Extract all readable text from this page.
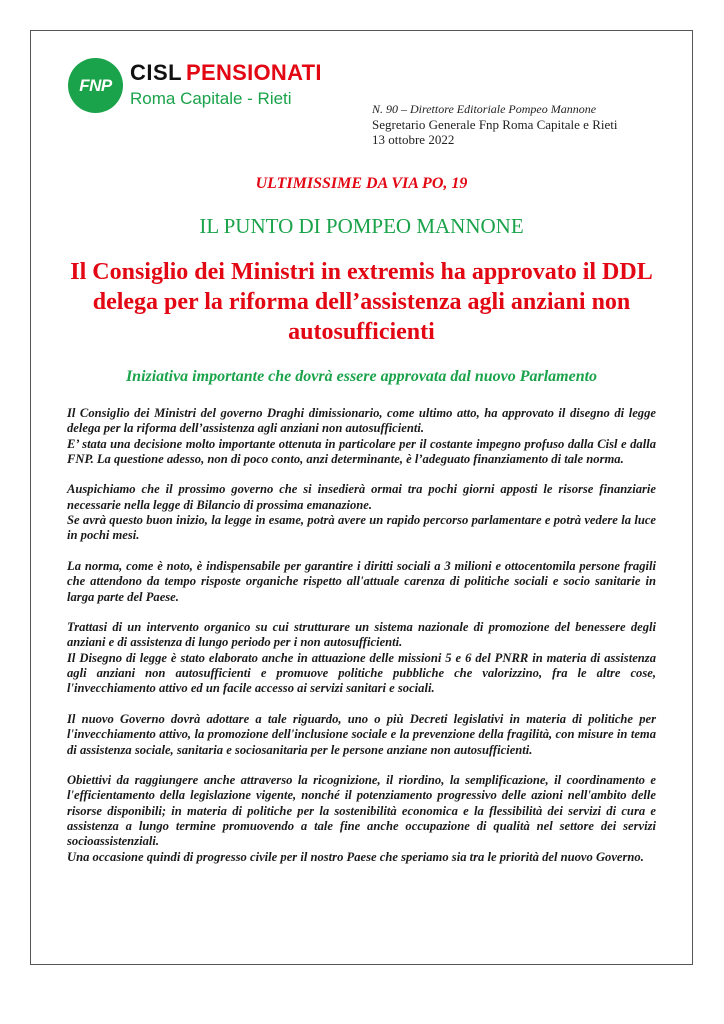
FNP
CISL PENSIONATI
Roma Capitale - Rieti
N. 90 – Direttore Editoriale Pompeo Mannone
Segretario Generale Fnp Roma Capitale e Rieti
13 ottobre 2022
ULTIMISSIME DA VIA PO, 19
IL PUNTO DI POMPEO MANNONE
Il Consiglio dei Ministri in extremis ha approvato il DDL delega per la riforma dell’assistenza agli anziani non autosufficienti
Iniziativa importante che dovrà essere approvata dal nuovo Parlamento

Il Consiglio dei Ministri del governo Draghi dimissionario, come ultimo atto, ha approvato il disegno di legge delega per la riforma dell’assistenza agli anziani non autosufficienti.

E’ stata una decisione molto importante ottenuta in particolare per il costante impegno profuso dalla Cisl e dalla FNP. La questione adesso, non di poco conto, anzi determinante, è l’adeguato finanziamento di tale norma.

Auspichiamo che il prossimo governo che si insedierà ormai tra pochi giorni apposti le risorse finanziarie necessarie nella legge di Bilancio di prossima emanazione.

Se avrà questo buon inizio, la legge in esame, potrà avere un rapido percorso parlamentare e potrà vedere la luce in pochi mesi.

La norma, come è noto, è indispensabile per garantire i diritti sociali a 3 milioni e ottocentomila persone fragili che attendono da tempo risposte organiche rispetto all'attuale carenza di politiche sociali e socio sanitarie in larga parte del Paese.

Trattasi di un intervento organico su cui strutturare un sistema nazionale di promozione del benessere degli anziani e di assistenza di lungo periodo per i non autosufficienti.

Il Disegno di legge è stato elaborato anche in attuazione delle missioni 5 e 6 del PNRR in materia di assistenza agli anziani non autosufficienti e promuove politiche pubbliche che valorizzino, fra le altre cose, l'invecchiamento attivo ed un facile accesso ai servizi sanitari e sociali.

Il nuovo Governo dovrà adottare a tale riguardo, uno o più Decreti legislativi in materia di politiche per l'invecchiamento attivo, la promozione dell'inclusione sociale e la prevenzione della fragilità, con misure in tema di assistenza sociale, sanitaria e sociosanitaria per le persone anziane non autosufficienti.

Obiettivi da raggiungere anche attraverso la ricognizione, il riordino, la semplificazione, il coordinamento e l'efficientamento della legislazione vigente, nonché il potenziamento progressivo delle azioni nell'ambito delle risorse disponibili; in materia di politiche per la sostenibilità economica e la flessibilità dei servizi di cura e assistenza a lungo termine promuovendo a tale fine anche occupazione di qualità nel settore dei servizi socioassistenziali.

Una occasione quindi di progresso civile per il nostro Paese che speriamo sia tra le priorità del nuovo Governo.
